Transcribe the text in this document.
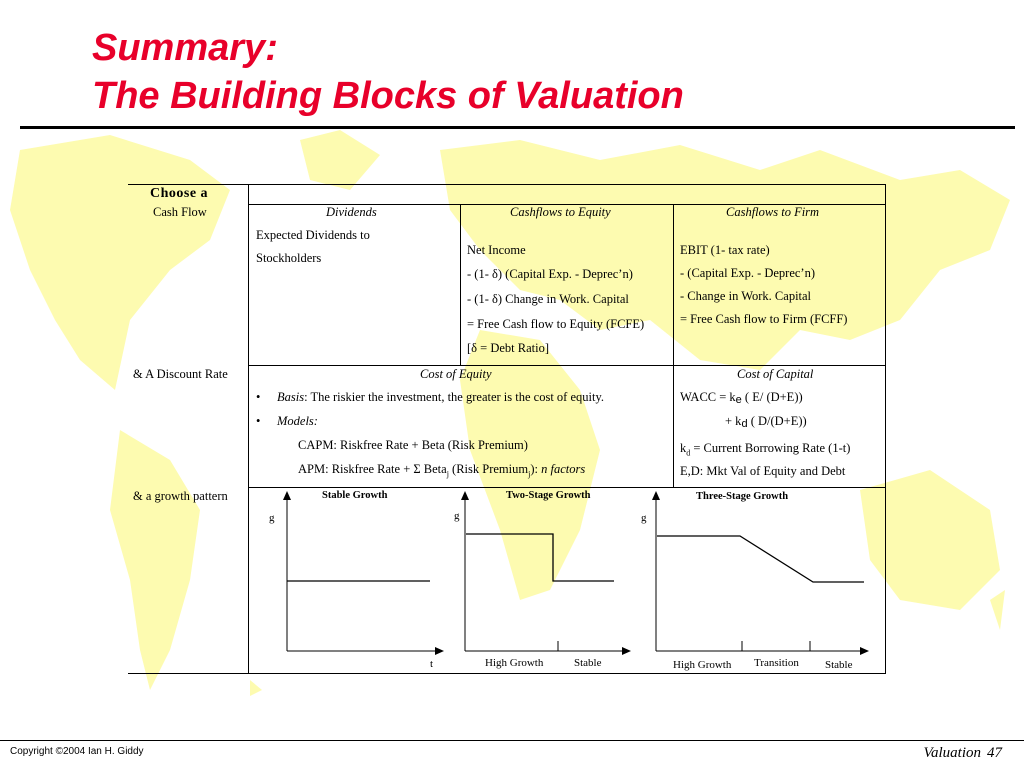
Summary:
The Building Blocks of Valuation
Choose a
Cash Flow
& A Discount Rate
& a growth pattern
Dividends
Expected Dividends to
Stockholders
Cashflows to Equity
Net Income
- (1- δ) (Capital Exp. - Deprec’n)
- (1- δ) Change in Work. Capital
= Free Cash flow to Equity (FCFE)
[δ = Debt Ratio]
Cashflows to Firm
EBIT (1- tax rate)
- (Capital Exp. - Deprec’n)
- Change in Work. Capital
= Free Cash flow to Firm (FCFF)
Cost of Equity
• Basis: The riskier the investment, the greater is the cost of equity.
• Models:
CAPM: Riskfree Rate + Beta (Risk Premium)
APM: Riskfree Rate + Σ Beta$_j$ (Risk Premium$_j$): n factors
Cost of Capital
WACC = ke ( E/ (D+E))
+ kd ( D/(D+E))
$k_d$ = Current Borrowing Rate (1-t)
E,D: Mkt Val of Equity and Debt
Stable Growth
g
t
Two-Stage Growth
g
High Growth	Stable
Three-Stage Growth
g
High Growth Transition Stable
Copyright ©2004 Ian H. Giddy	Valuation 47
